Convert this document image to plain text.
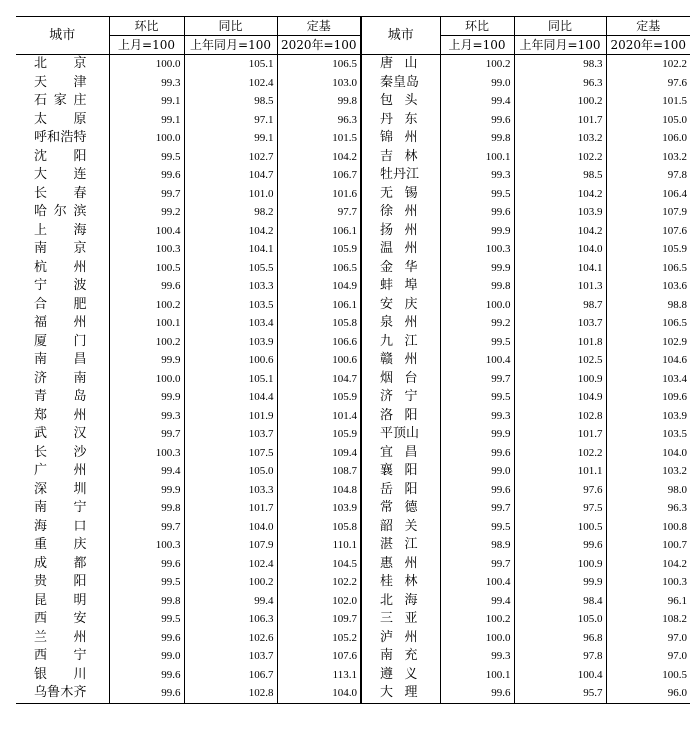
城市	环比	同比	定基	城市	环比	同比	定基
	上月=100	上年同月=100	2020年=100		上月=100	上年同月=100	2020年=100
北京	100.0	105.1	106.5	唐山	100.2	98.3	102.2
天津	99.3	102.4	103.0	秦皇岛	99.0	96.3	97.6
石家庄	99.1	98.5	99.8	包头	99.4	100.2	101.5
太原	99.1	97.1	96.3	丹东	99.6	101.7	105.0
呼和浩特	100.0	99.1	101.5	锦州	99.8	103.2	106.0
沈阳	99.5	102.7	104.2	吉林	100.1	102.2	103.2
大连	99.6	104.7	106.7	牡丹江	99.3	98.5	97.8
长春	99.7	101.0	101.6	无锡	99.5	104.2	106.4
哈尔滨	99.2	98.2	97.7	徐州	99.6	103.9	107.9
上海	100.4	104.2	106.1	扬州	99.9	104.2	107.6
南京	100.3	104.1	105.9	温州	100.3	104.0	105.9
杭州	100.5	105.5	106.5	金华	99.9	104.1	106.5
宁波	99.6	103.3	104.9	蚌埠	99.8	101.3	103.6
合肥	100.2	103.5	106.1	安庆	100.0	98.7	98.8
福州	100.1	103.4	105.8	泉州	99.2	103.7	106.5
厦门	100.2	103.9	106.6	九江	99.5	101.8	102.9
南昌	99.9	100.6	100.6	赣州	100.4	102.5	104.6
济南	100.0	105.1	104.7	烟台	99.7	100.9	103.4
青岛	99.9	104.4	105.9	济宁	99.5	104.9	109.6
郑州	99.3	101.9	101.4	洛阳	99.3	102.8	103.9
武汉	99.7	103.7	105.9	平顶山	99.9	101.7	103.5
长沙	100.3	107.5	109.4	宜昌	99.6	102.2	104.0
广州	99.4	105.0	108.7	襄阳	99.0	101.1	103.2
深圳	99.9	103.3	104.8	岳阳	99.6	97.6	98.0
南宁	99.8	101.7	103.9	常德	99.7	97.5	96.3
海口	99.7	104.0	105.8	韶关	99.5	100.5	100.8
重庆	100.3	107.9	110.1	湛江	98.9	99.6	100.7
成都	99.6	102.4	104.5	惠州	99.7	100.9	104.2
贵阳	99.5	100.2	102.2	桂林	100.4	99.9	100.3
昆明	99.8	99.4	102.0	北海	99.4	98.4	96.1
西安	99.5	106.3	109.7	三亚	100.2	105.0	108.2
兰州	99.6	102.6	105.2	泸州	100.0	96.8	97.0
西宁	99.0	103.7	107.6	南充	99.3	97.8	97.0
银川	99.6	106.7	113.1	遵义	100.1	100.4	100.5
乌鲁木齐	99.6	102.8	104.0	大理	99.6	95.7	96.0
